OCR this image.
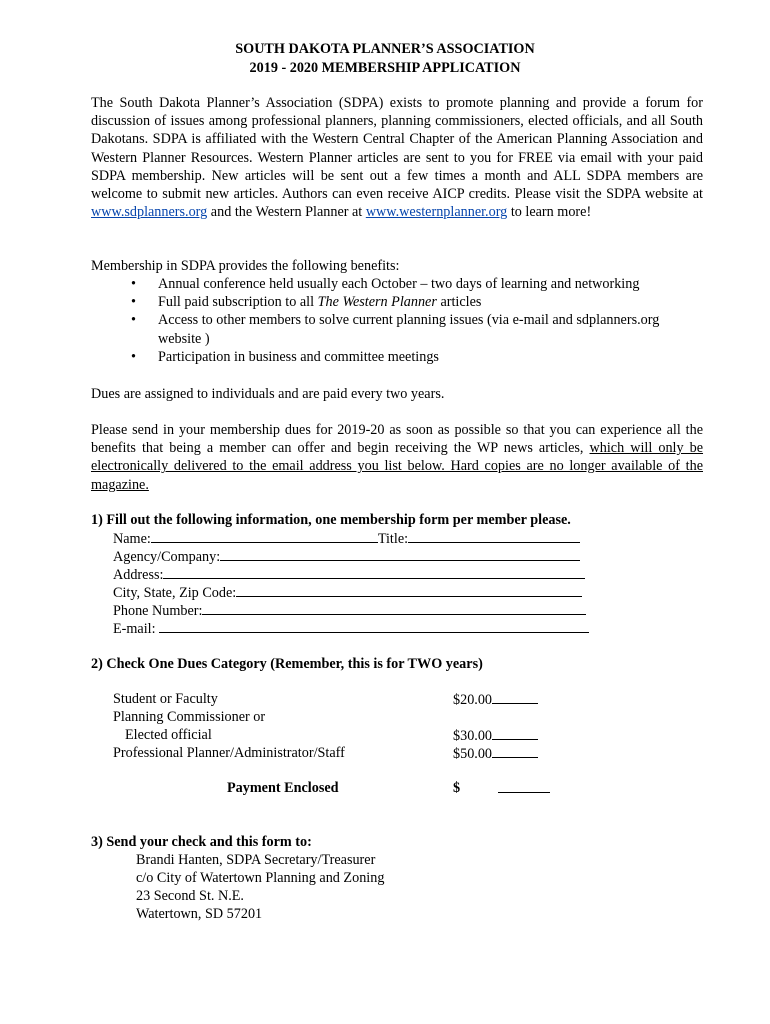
SOUTH DAKOTA PLANNER’S ASSOCIATION
2019 - 2020 MEMBERSHIP APPLICATION
The South Dakota Planner’s Association (SDPA) exists to promote planning and provide a forum for discussion of issues among professional planners, planning commissioners, elected officials, and all South Dakotans. SDPA is affiliated with the Western Central Chapter of the American Planning Association and Western Planner Resources. Western Planner articles are sent to you for FREE via email with your paid SDPA membership. New articles will be sent out a few times a month and ALL SDPA members are welcome to submit new articles. Authors can even receive AICP credits. Please visit the SDPA website at www.sdplanners.org and the Western Planner at www.westernplanner.org to learn more!
Membership in SDPA provides the following benefits:
• Annual conference held usually each October – two days of learning and networking
• Full paid subscription to all The Western Planner articles
• Access to other members to solve current planning issues (via e-mail and sdplanners.org website )
• Participation in business and committee meetings
Dues are assigned to individuals and are paid every two years.
Please send in your membership dues for 2019-20 as soon as possible so that you can experience all the benefits that being a member can offer and begin receiving the WP news articles, which will only be electronically delivered to the email address you list below. Hard copies are no longer available of the magazine.
1) Fill out the following information, one membership form per member please.
Name:	Title:
Agency/Company:
Address:
City, State, Zip Code:
Phone Number:
E-mail:
2) Check One Dues Category (Remember, this is for TWO years)
Student or Faculty	$20.00
Planning Commissioner or
Elected official	$30.00
Professional Planner/Administrator/Staff	$50.00
Payment Enclosed	$
3) Send your check and this form to:
Brandi Hanten, SDPA Secretary/Treasurer
c/o City of Watertown Planning and Zoning
23 Second St. N.E.
Watertown, SD 57201
